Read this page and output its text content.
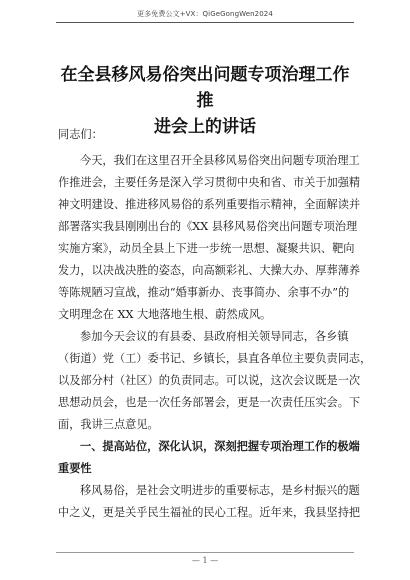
更多免费公文+VX：QiGeGongWen2024
在全县移风易俗突出问题专项治理工作推
进会上的讲话
同志们：
今天，我们在这里召开全县移风易俗突出问题专项治理工
作推进会，主要任务是深入学习贯彻中央和省、市关于加强精
神文明建设、推进移风易俗的系列重要指示精神，全面解读并
部署落实我县刚刚出台的《XX 县移风易俗突出问题专项治理
实施方案》，动员全县上下进一步统一思想、凝聚共识、靶向
发力，以决战决胜的姿态，向高额彩礼、大操大办、厚葬薄养
等陈规陋习宣战，推动“婚事新办、丧事简办、余事不办”的
文明理念在 XX 大地落地生根、蔚然成风。
参加今天会议的有县委、县政府相关领导同志，各乡镇
（街道）党（工）委书记、乡镇长，县直各单位主要负责同志，
以及部分村（社区）的负责同志。可以说，这次会议既是一次
思想动员会，也是一次任务部署会，更是一次责任压实会。下
面，我讲三点意见。
一、提高站位，深化认识，深刻把握专项治理工作的极端
重要性
移风易俗，是社会文明进步的重要标志，是乡村振兴的题
中之义，更是关乎民生福祉的民心工程。近年来，我县坚持把
— 1 —
